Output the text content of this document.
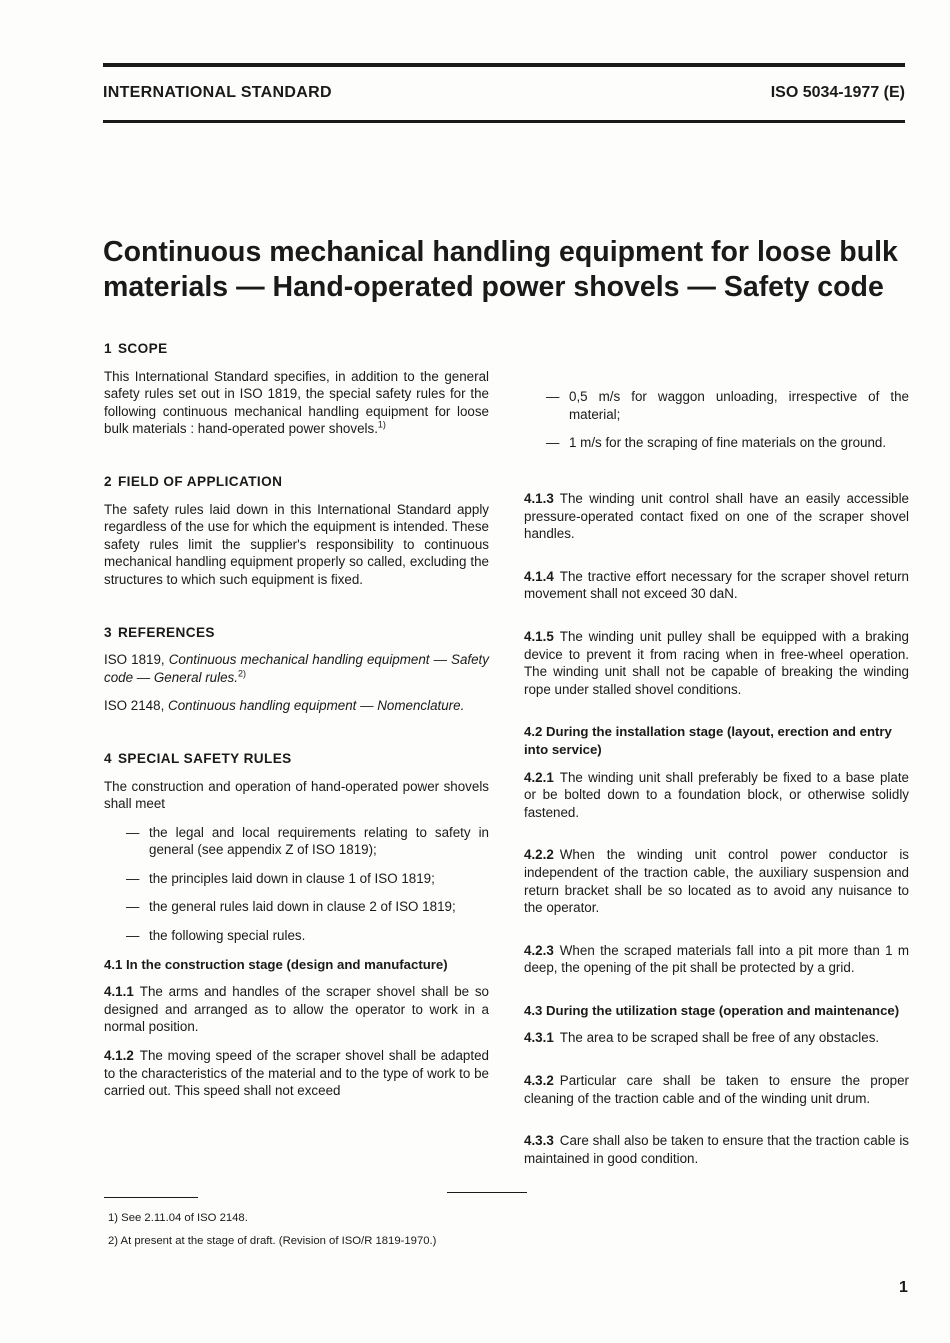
INTERNATIONAL STANDARD	ISO 5034-1977 (E)
Continuous mechanical handling equipment for loose bulk materials — Hand-operated power shovels — Safety code
1 SCOPE

This International Standard specifies, in addition to the general safety rules set out in ISO 1819, the special safety rules for the following continuous mechanical handling equipment for loose bulk materials : hand-operated power shovels.$^{1)}$

2 FIELD OF APPLICATION

The safety rules laid down in this International Standard apply regardless of the use for which the equipment is intended. These safety rules limit the supplier's responsibility to continuous mechanical handling equipment properly so called, excluding the structures to which such equipment is fixed.

3 REFERENCES

ISO 1819, Continuous mechanical handling equipment — Safety code — General rules.$^{2)}$

ISO 2148, Continuous handling equipment — Nomenclature.

4 SPECIAL SAFETY RULES

The construction and operation of hand-operated power shovels shall meet

— the legal and local requirements relating to safety in general (see appendix Z of ISO 1819);
— the principles laid down in clause 1 of ISO 1819;
— the general rules laid down in clause 2 of ISO 1819;
— the following special rules.
4.1 In the construction stage (design and manufacture)

4.1.1 The arms and handles of the scraper shovel shall be so designed and arranged as to allow the operator to work in a normal position.

4.1.2 The moving speed of the scraper shovel shall be adapted to the characteristics of the material and to the type of work to be carried out. This speed shall not exceed

4.1.3 The winding unit control shall have an easily accessible pressure-operated contact fixed on one of the scraper shovel handles.

4.1.4 The tractive effort necessary for the scraper shovel return movement shall not exceed 30 daN.

4.1.5 The winding unit pulley shall be equipped with a braking device to prevent it from racing when in free-wheel operation. The winding unit shall not be capable of breaking the winding rope under stalled shovel conditions.

4.2 During the installation stage (layout, erection and entry into service)

4.2.1 The winding unit shall preferably be fixed to a base plate or be bolted down to a foundation block, or otherwise solidly fastened.

4.2.2 When the winding unit control power conductor is independent of the traction cable, the auxiliary suspension and return bracket shall be so located as to avoid any nuisance to the operator.

4.2.3 When the scraped materials fall into a pit more than 1 m deep, the opening of the pit shall be protected by a grid.

4.3 During the utilization stage (operation and maintenance)

4.3.1 The area to be scraped shall be free of any obstacles.

4.3.2 Particular care shall be taken to ensure the proper cleaning of the traction cable and of the winding unit drum.

4.3.3 Care shall also be taken to ensure that the traction cable is maintained in good condition.

— 0,5 m/s for waggon unloading, irrespective of the material;
— 1 m/s for the scraping of fine materials on the ground.
1) See 2.11.04 of ISO 2148.
2) At present at the stage of draft. (Revision of ISO/R 1819-1970.)
1
